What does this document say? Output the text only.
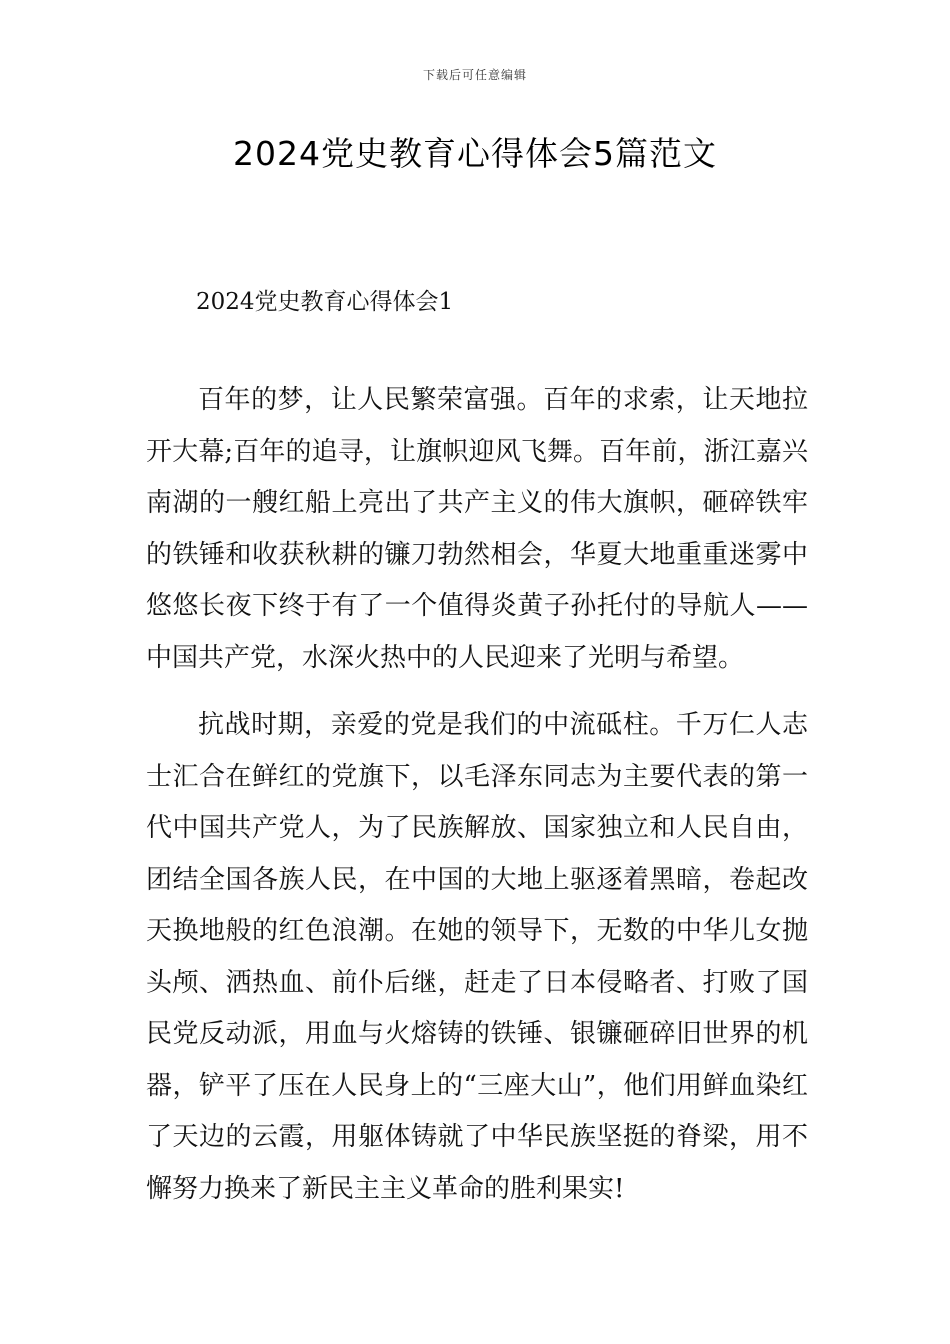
下载后可任意编辑
2024党史教育心得体会5篇范文
2024党史教育心得体会1

百年的梦，让人民繁荣富强。百年的求索，让天地拉开大幕;百年的追寻，让旗帜迎风飞舞。百年前，浙江嘉兴南湖的一艘红船上亮出了共产主义的伟大旗帜，砸碎铁牢的铁锤和收获秋耕的镰刀勃然相会，华夏大地重重迷雾中悠悠长夜下终于有了一个值得炎黄子孙托付的导航人——中国共产党，水深火热中的人民迎来了光明与希望。

抗战时期，亲爱的党是我们的中流砥柱。千万仁人志士汇合在鲜红的党旗下，以毛泽东同志为主要代表的第一代中国共产党人，为了民族解放、国家独立和人民自由，团结全国各族人民，在中国的大地上驱逐着黑暗，卷起改天换地般的红色浪潮。在她的领导下，无数的中华儿女抛头颅、洒热血、前仆后继，赶走了日本侵略者、打败了国民党反动派，用血与火熔铸的铁锤、银镰砸碎旧世界的机器，铲平了压在人民身上的“三座大山”，他们用鲜血染红了天边的云霞，用躯体铸就了中华民族坚挺的脊梁，用不懈努力换来了新民主主义革命的胜利果实!
